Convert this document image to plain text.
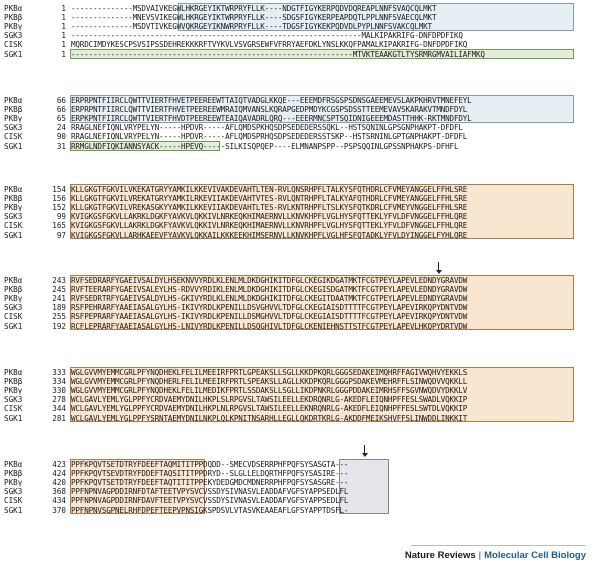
PKBα	1 --------------MSDVAIVKEGWLHKRGEYIKTWRPRYFLLK----NDGTFIGYKERPQDVDQREAPLNNFSVAQCQLMKT
PKBβ	1 --------------MNEVSVIKEGWLHKRGEYIKTWRPRYFLLK----SDGSFIGYKERPEAPDQTLPPLNNFSVAECQLMKT
PKBγ	1 --------------MSDVTIVKEGWVQKRGEYIKNWRPRYFLLK----TDGSFIGYKEKPQDVDLPYPLNNFSVAKCQLMKT
SGK3	1 ------------------------------------------------------------------MALKIPAKRIFG-DNFDPDFIKQ
CISK	1 MQRDCIMDYKESCPSVSIPSSDEHREKKKRFTVYKVLVSVGRSEWFVFRRYAEFDKLYNSLKKQFPAMALKIPAKRIFG-DNFDPDFIKQ
SGK1	1 ----------------------------------------------------------------MTVKTEAAKGTLTYSRMRGMVAILIAFMKQ
PKBα	66 ERPRPNTFIIRCLQWTTVIERTFHVETPEEREEWTTAIQTVADGLKKQE---EEEMDFRSGSPSDNSGAEEMEVSLAKPKHRVTMNEFEYL
PKBβ	66 ERPRPNTFIIRCLQWTTVIERTFHVETPEEREEWMRAIQMVANSLKQRAPGEDPMDYKCGSPSDSSTTEEMEVAVSKARAKVTMNDFDYL
PKBγ	65 ERPKPNTFIIRCLQWTTVIERTFHVDTPEEREEWTEAIQAVADRLQRQ---EEERMNCSPTSQIDNIGEEEMDASTTHHK-RKTMNDFDYL
SGK3	24 RRAGLNEFIQNLVRYPELYN-----HPDVR-----AFLQMDSPKHQSDPSEDEDERSSQKL--HSTSQNINLGPSGNPHAKPT-DFDFL
CISK	90 RRAGLNEFIQNLVRYPELYN-----HPDVR-----AFLQMDSPRHQSDPSEDEDERSSTSKP--HSTSRNINLGPTGNPHAKPT-DFDFL
SGK1	31 RRMGLNDFIQKIANNSYACK-----HPEVQ-----SILKISQPQEP----ELMNANPSPP--PSPSQQINLGPSSNPHAKPS-DFHFL
PKBα	154 KLLGKGTFGKVILVKEKATGRYYAMKILKKEVIVAKDEVAHTLTEN-RVLQNSRHPFLTALKYSFQTHDRLCFVMEYANGGELFFHLSRE
PKBβ	156 KLLGKGTFGKVILVREKATGRYYAMKILRKEVIIAKDEVAHTVTES-RVLQNTRHPFLTALKYAFQTHDRLCFVMEYANGGELFFHLSRE
PKBγ	152 KLLGKGTFGKVILVREKASGKYYAMKILKKEVIIAKDEVAHTLTES-RVLKNTRHPFLTSLKYSFQTKDRLCFVMEYVNGGELFFHLSRE
SGK3	99 KVIGKGSFGKVLLAKRKLDGKFYAVKVLQKKIVLNRKEQKHIMAERNVLLKNVKHPFLVGLHYSFQTTEKLYFVLDFVNGGELFFHLQRE
CISK	165 KVIGKGSFGKVLLAKRKLDGKFYAVKVLQKKIVLNRKEQKHIMAERNVLLKNVRHPFLVGLHYSFQTTEKLYFVLDFVNGGELFFHLQRE
SGK1	97 KVIGKGSFGKVLLARHKAEEVFYAVKVLQKKAILKKKEEKHIMSERNVLLKNVKHPFLVGLHFSFQTADKLYFVLDYINGGELFYHLQRE
PKBα	243 RVFSEDRARFYGAEIVSALDYLHSEKNVVYRDLKLENLMLDKDGHIKITDFGLCKEGIKDGATMKTFCGTPEYLAPEVLEDNDYGRAVDW
PKBβ	245 RVFTEERARFYGAEIVSALEYLHS-RDVVYRDIKLENLMLDKDGHIKITDFGLCKEGISDGATMKTFCGTPEYLAPEVLEDNDYGRAVDW
PKBγ	241 RVFSEDRTRFYGAEIVSALDYLHS-GKIVYRDLKLENLMLDKDGHIKITDFGLCKEGITDAATMKTFCGTPEYLAPEVLEDNDYGRAVDW
SGK3	189 RSFPEHRARFYAAEIASALGYLHS-IKIVYRDLKPENILLDSVGHVVLTDFGLCKEGIAISDTTTTFCGTPEYLAPEVIRKQPYDNTVDW
CISK	255 RSFPEPRARFYAAEIASALGYLHS-IKIVYRDLKPENILLDSMGHVVLTDFGLCKEGIAISDTTTTFCGTPEYLAPEVIRKQPYDNTVDW
SGK1	192 RCFLEPRARFYAAEIASALGYLHS-LNIVYRDLKPENILLDSQGHIVLTDFGLCKENIEHNSTTSTFCGTPEYLAPEVLHKQPYDRTVDW
PKBα	333 WGLGVVMYEMMCGRLPFYNQDHEKLFELILMEEIRFPRTLGPEAKSLLSGLLKKDPKQRLGGGSEDAKEIMQHRFFAGIVWQHVYEKKLS
PKBβ	334 WGLGVVMYEMMCGRLPFYNQDHERLFELILMEEIRFPRTLSPEAKSLLAGLLKKDPKQRLGGGPSDAKEVMEHRFFLSINWQDVVQKKLL
PKBγ	330 WGLGVVMYEMMCGRLPFYNQDHEKLFELILMEDIKFPRTLSSDAKSLLSGLLIKDPNKRLGGGPDDAKEIMRHSFFSGVNWQDVYDKKLV
SGK3	278 WCLGAVLYEMLYGLPPFYCRDVAEMYDNILHKPLSLRPGVSLTAWSILEELLEKDRQNRLG-AKEDFLEIQNHPFFESLSWADLVQKKIP
CISK	344 WCLGAVLYEMLYGLPPFYCRDVAEMYDNILHKPLNLRPGVSLTAWSILEELLEKNRQNRLG-AKEDFLEIQNHPFFESLSWTDLVQKKIP
SGK1	281 WCLGAVLYEMLYGLPPFYSRNTAEMYDNILNKPLQLKPNITNSARHLLEGLLQKDRTKRLG-AKDDFMEIKSHVFFSLINWDDLINKKIT
PKBα	423 PPFKPQVTSETDTRYFDEEFTAQMITITPPDQDD--SMECVDSERRPHFPQFSYSASGTA---
PKBβ	424 PPFKPQVTSEVDTRYFDDEFTAQSITITPPDRYD--SLGLLELDQRTHFPQFSYSASIRE---
PKBγ	420 PPFKPQVTSETDTRYFDEEFTAQTITITPPEKYDEDGMDCMDNERRPHFPQFSYSASGRE---
SGK3	368 PPFNPNVAGPDDIRNFDTAFTEETVPYSVCVSSDYSIVNASVLEADDAFVGFSYAPPSEDLFL
CISK	434 PPFNPNVAGPDDIRNFDAVFTEETVPYSVCVSSDYSIVNASVLEADDAFVGFSYAPPSEDLFL
SGK1	370 PPFNPNVSGPNELRHFDPEFTEEPVPNSIGKSPDSVLVTASVKEAAEAFLGFSYAPPTDSFL-
Nature Reviews | Molecular Cell Biology
